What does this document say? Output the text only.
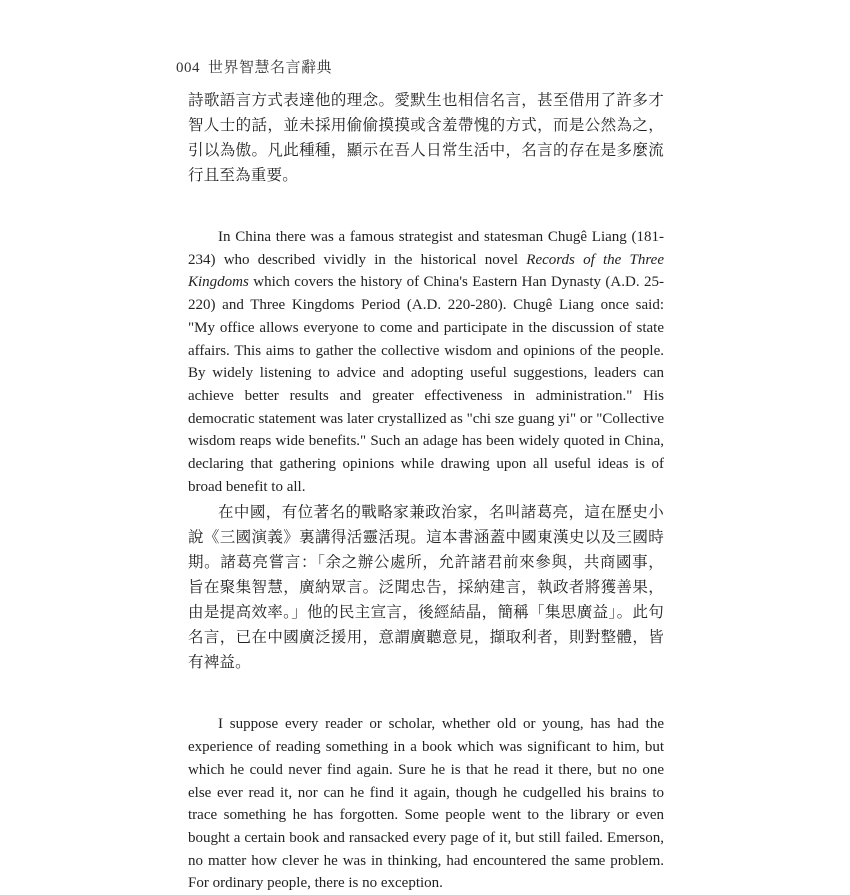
004 世界智慧名言辭典

詩歌語言方式表達他的理念。愛默生也相信名言，甚至借用了許多才智人士的話，並未採用偷偷摸摸或含羞帶愧的方式，而是公然為之，引以為傲。凡此種種，顯示在吾人日常生活中，名言的存在是多麼流行且至為重要。

In China there was a famous strategist and statesman Chugê Liang (181-234) who described vividly in the historical novel Records of the Three Kingdoms which covers the history of China's Eastern Han Dynasty (A.D. 25-220) and Three Kingdoms Period (A.D. 220-280). Chugê Liang once said: "My office allows everyone to come and participate in the discussion of state affairs. This aims to gather the collective wisdom and opinions of the people. By widely listening to advice and adopting useful suggestions, leaders can achieve better results and greater effectiveness in administration." His democratic statement was later crystallized as "chi sze guang yi" or "Collective wisdom reaps wide benefits." Such an adage has been widely quoted in China, declaring that gathering opinions while drawing upon all useful ideas is of broad benefit to all.

在中國，有位著名的戰略家兼政治家，名叫諸葛亮，這在歷史小說《三國演義》裏講得活靈活現。這本書涵蓋中國東漢史以及三國時期。諸葛亮嘗言：「余之辦公處所，允許諸君前來參與，共商國事，旨在聚集智慧，廣納眾言。泛聞忠告，採納建言，執政者將獲善果，由是提高效率。」他的民主宣言，後經結晶，簡稱「集思廣益」。此句名言，已在中國廣泛援用，意謂廣聽意見，擷取利者，則對整體，皆有裨益。

I suppose every reader or scholar, whether old or young, has had the experience of reading something in a book which was significant to him, but which he could never find again. Sure he is that he read it there, but no one else ever read it, nor can he find it again, though he cudgelled his brains to trace something he has forgotten. Some people went to the library or even bought a certain book and ransacked every page of it, but still failed. Emerson, no matter how clever he was in thinking, had encountered the same problem. For ordinary people, there is no exception.
